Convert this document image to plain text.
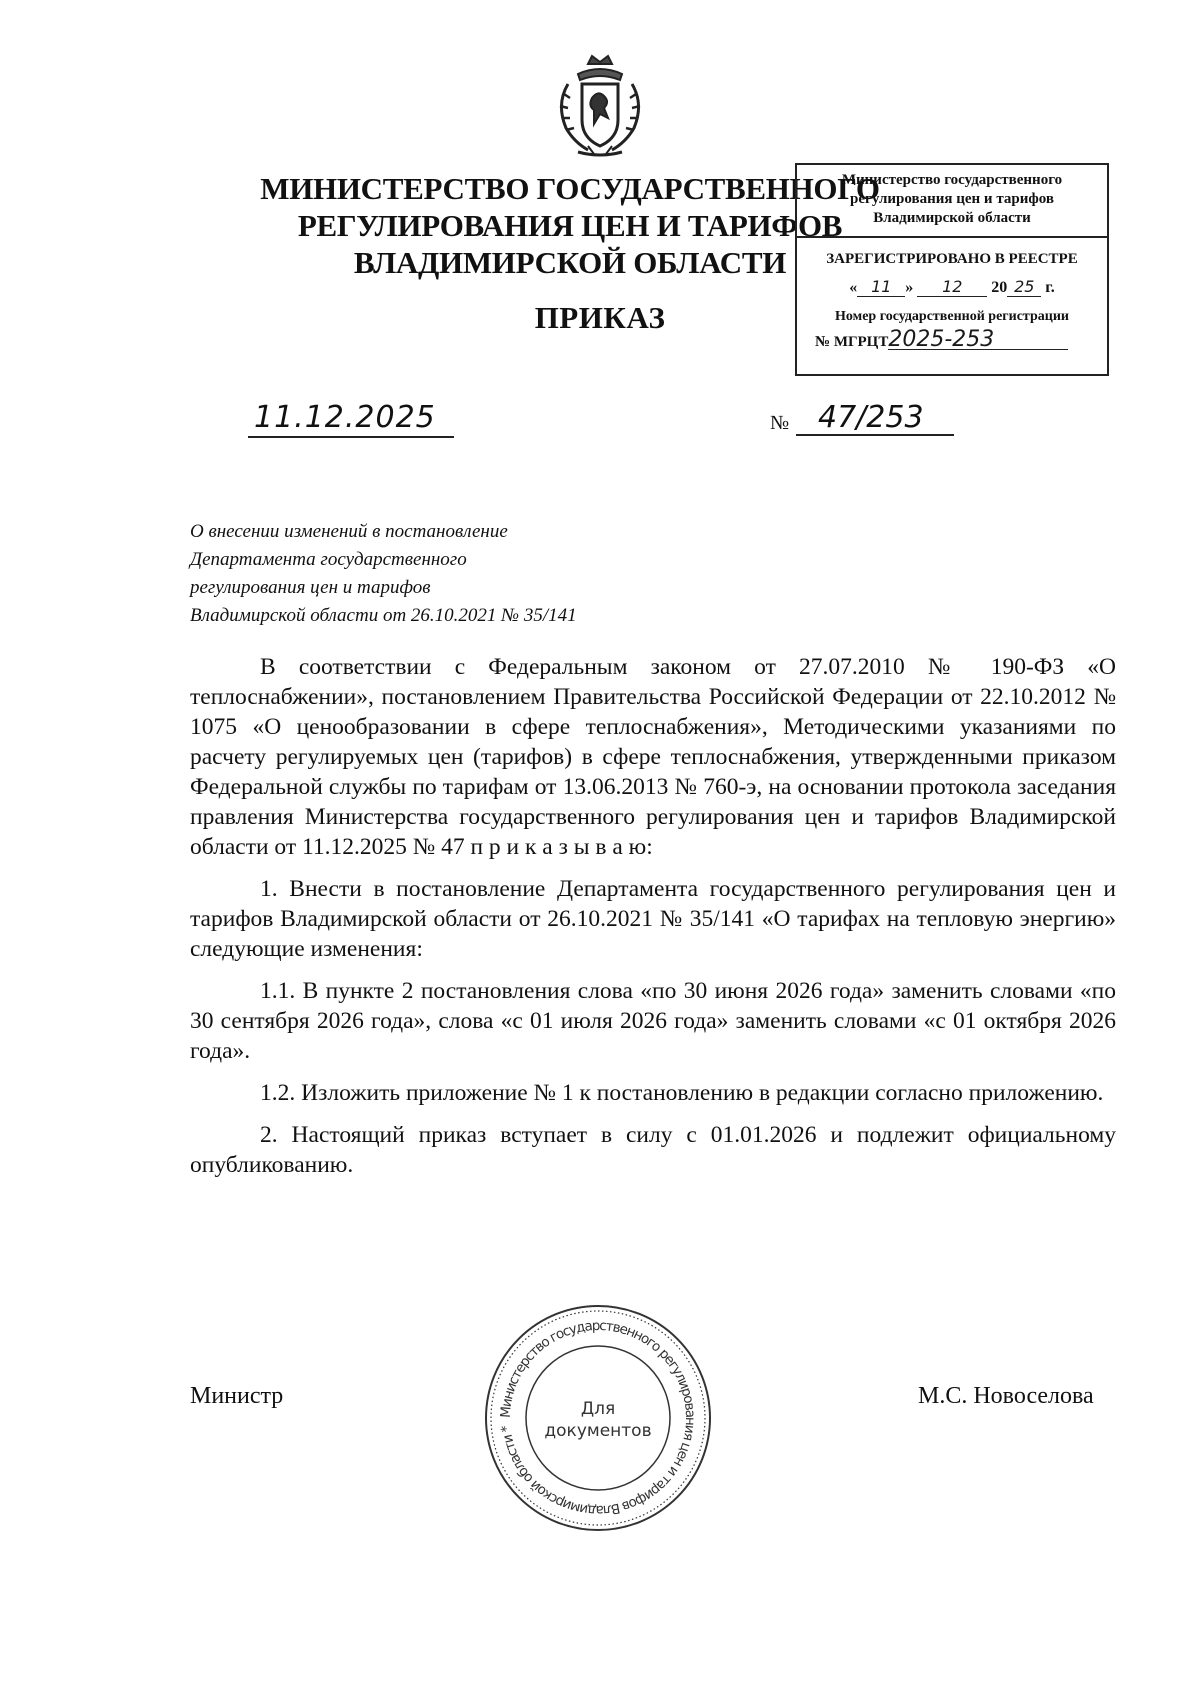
МИНИСТЕРСТВО ГОСУДАРСТВЕННОГО
РЕГУЛИРОВАНИЯ ЦЕН И ТАРИФОВ
ВЛАДИМИРСКОЙ ОБЛАСТИ
ПРИКАЗ
Министерство государственного
регулирования цен и тарифов
Владимирской области
ЗАРЕГИСТРИРОВАНО В РЕЕСТРЕ
« 11 » 12 20 25 г.
Номер государственной регистрации
№ МГРЦТ2025-253
11.12.2025	№ 47/253
О внесении изменений в постановление
Департамента государственного
регулирования цен и тарифов
Владимирской области от 26.10.2021 № 35/141

В соответствии с Федеральным законом от 27.07.2010 № 190-ФЗ «О теплоснабжении», постановлением Правительства Российской Федерации от 22.10.2012 № 1075 «О ценообразовании в сфере теплоснабжения», Методическими указаниями по расчету регулируемых цен (тарифов) в сфере теплоснабжения, утвержденными приказом Федеральной службы по тарифам от 13.06.2013 № 760-э, на основании протокола заседания правления Министерства государственного регулирования цен и тарифов Владимирской области от 11.12.2025 № 47 п р и к а з ы в а ю:

1. Внести в постановление Департамента государственного регулирования цен и тарифов Владимирской области от 26.10.2021 № 35/141 «О тарифах на тепловую энергию» следующие изменения:

1.1. В пункте 2 постановления слова «по 30 июня 2026 года» заменить словами «по 30 сентября 2026 года», слова «с 01 июля 2026 года» заменить словами «с 01 октября 2026 года».

1.2. Изложить приложение № 1 к постановлению в редакции согласно приложению.

2. Настоящий приказ вступает в силу с 01.01.2026 и подлежит официальному опубликованию.

Министр	М.С. Новоселова
Министерство государственного регулирования цен и тарифов Владимирской области *
Для
документов
